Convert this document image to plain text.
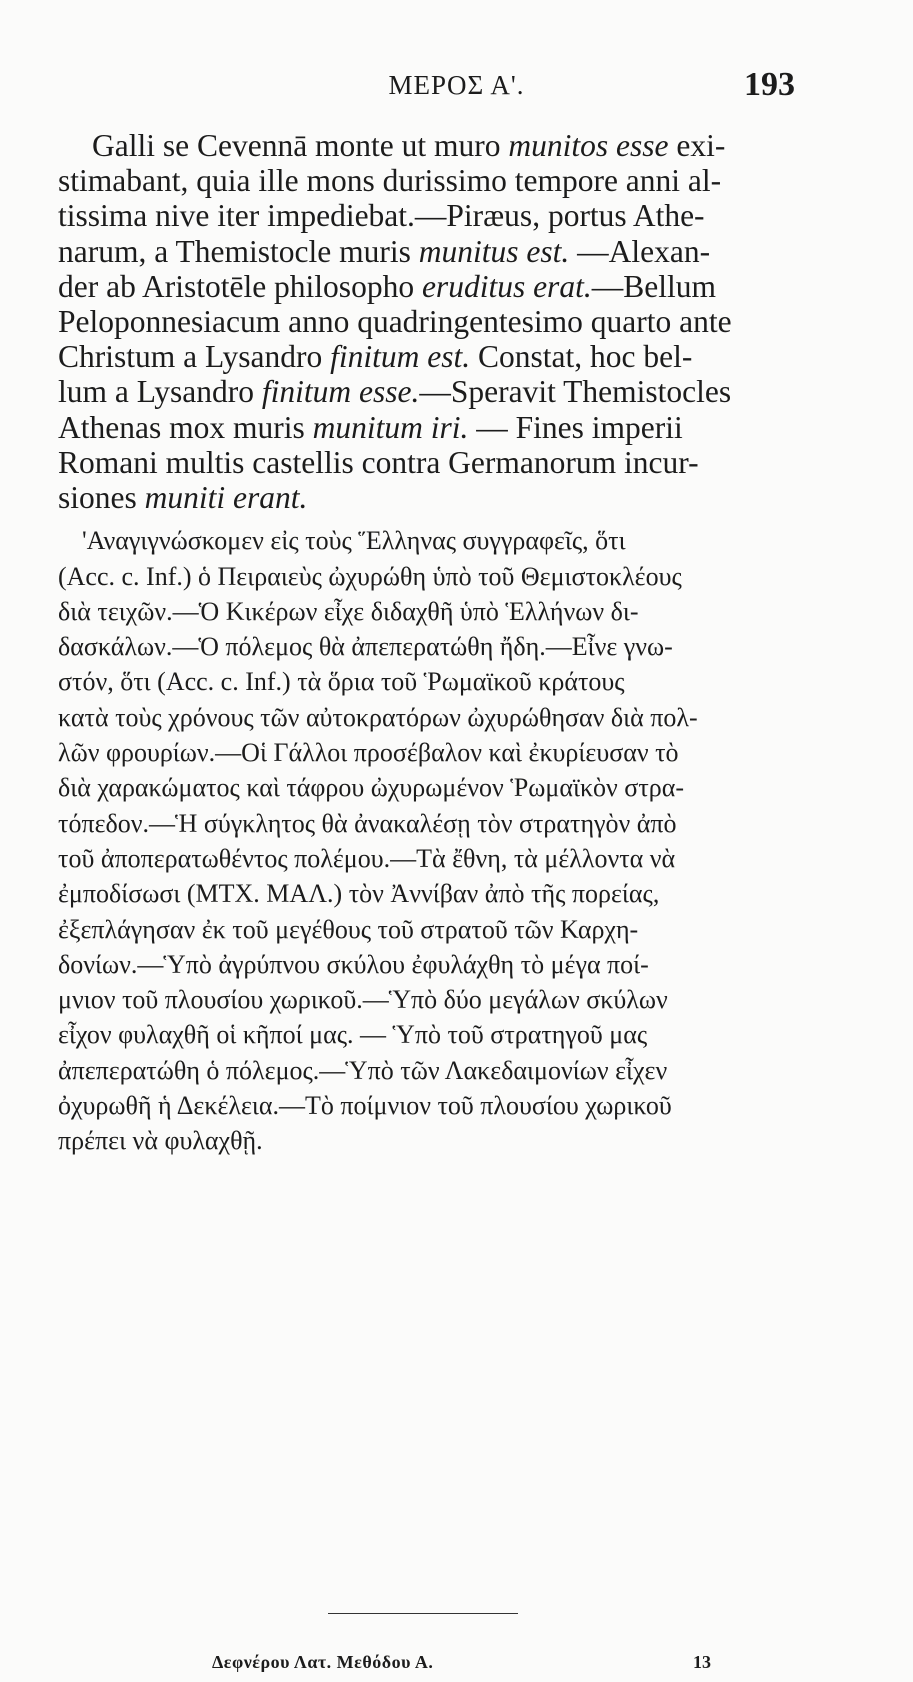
ΜΕΡΟΣ Α'.	193
Galli se Cevennā monte ut muro munitos esse exi-
stimabant, quia ille mons durissimo tempore anni al-
tissima nive iter impediebat.—Piræus, portus Athe-
narum, a Themistocle muris munitus est. —Alexan-
der ab Aristotēle philosopho eruditus erat.—Bellum
Peloponnesiacum anno quadringentesimo quarto ante
Christum a Lysandro finitum est. Constat, hoc bel-
lum a Lysandro finitum esse.—Speravit Themistocles
Athenas mox muris munitum iri. — Fines imperii
Romani multis castellis contra Germanorum incur-
siones muniti erant.
'Αναγιγνώσκομεν εἰς τοὺς Ἕλληνας συγγραφεῖς, ὅτι
(Acc. c. Inf.) ὁ Πειραιεὺς ὠχυρώθη ὑπὸ τοῦ Θεμιστοκλέους
διὰ τειχῶν.—Ὁ Κικέρων εἶχε διδαχθῆ ὑπὸ Ἑλλήνων δι-
δασκάλων.—Ὁ πόλεμος θὰ ἀπεπερατώθη ἤδη.—Εἶνε γνω-
στόν, ὅτι (Acc. c. Inf.) τὰ ὅρια τοῦ Ῥωμαϊκοῦ κράτους
κατὰ τοὺς χρόνους τῶν αὐτοκρατόρων ὠχυρώθησαν διὰ πολ-
λῶν φρουρίων.—Οἱ Γάλλοι προσέβαλον καὶ ἐκυρίευσαν τὸ
διὰ χαρακώματος καὶ τάφρου ὠχυρωμένον Ῥωμαϊκὸν στρα-
τόπεδον.—Ἡ σύγκλητος θὰ ἀνακαλέσῃ τὸν στρατηγὸν ἀπὸ
τοῦ ἀποπερατωθέντος πολέμου.—Τὰ ἔθνη, τὰ μέλλοντα νὰ
ἐμποδίσωσι (ΜΤΧ. ΜΑΛ.) τὸν Ἀννίβαν ἀπὸ τῆς πορείας,
ἐξεπλάγησαν ἐκ τοῦ μεγέθους τοῦ στρατοῦ τῶν Καρχη-
δονίων.—Ὑπὸ ἀγρύπνου σκύλου ἐφυλάχθη τὸ μέγα ποί-
μνιον τοῦ πλουσίου χωρικοῦ.—Ὑπὸ δύο μεγάλων σκύλων
εἶχον φυλαχθῆ οἱ κῆποί μας. — Ὑπὸ τοῦ στρατηγοῦ μας
ἀπεπερατώθη ὁ πόλεμος.—Ὑπὸ τῶν Λακεδαιμονίων εἶχεν
ὀχυρωθῆ ἡ Δεκέλεια.—Τὸ ποίμνιον τοῦ πλουσίου χωρικοῦ
πρέπει νὰ φυλαχθῇ.
Δεφνέρου Λατ. Μεθόδου Α.	13
